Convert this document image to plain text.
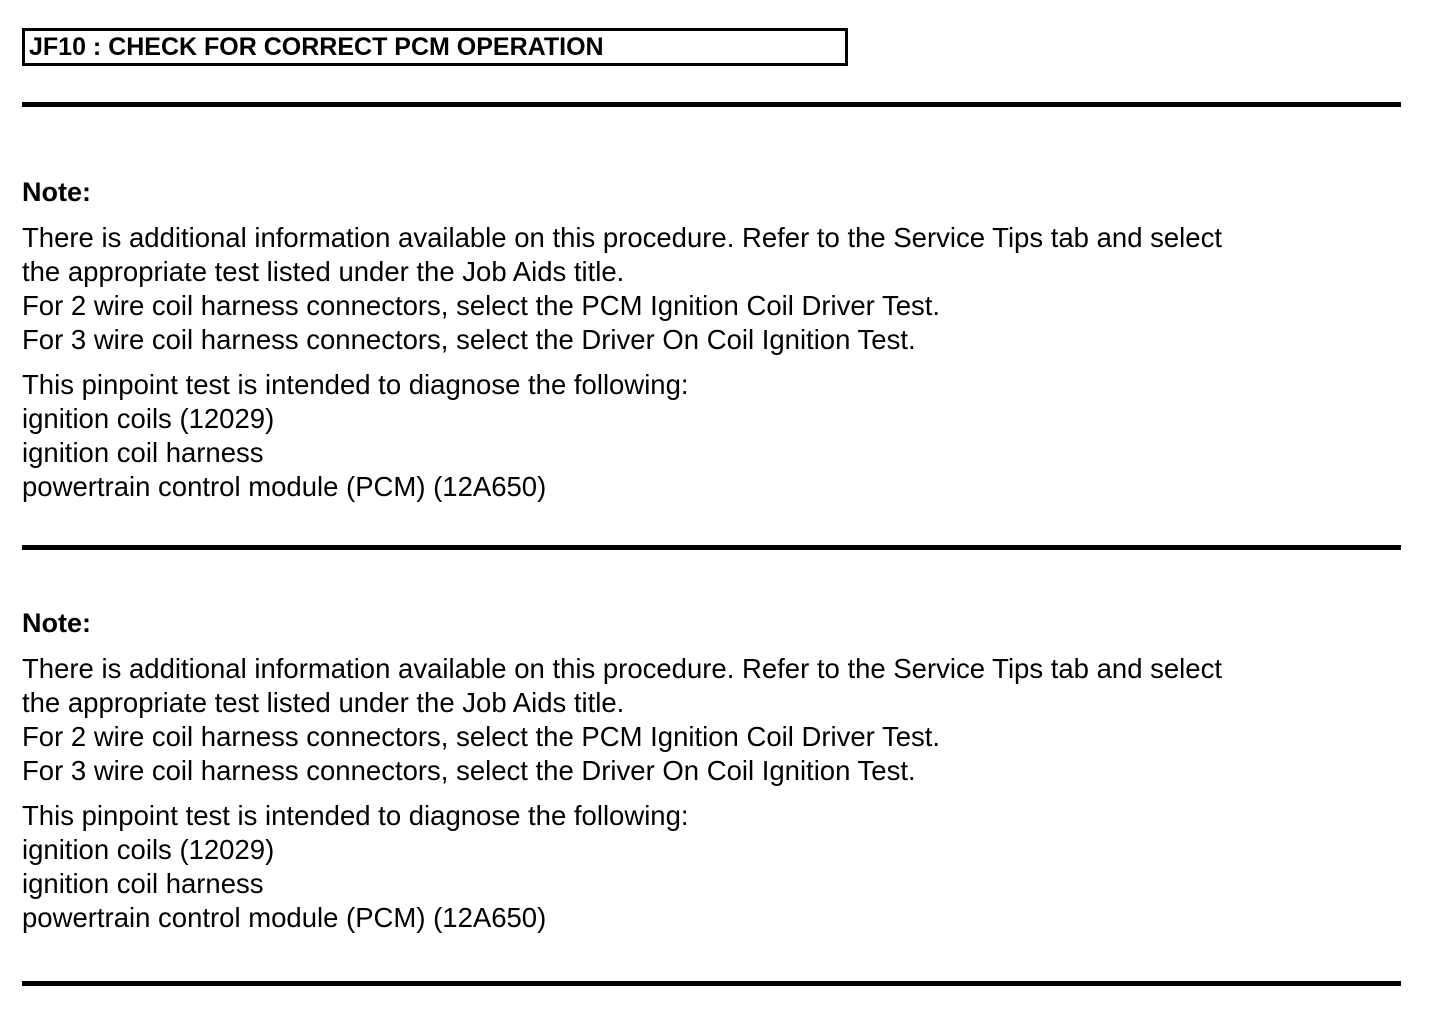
JF10 : CHECK FOR CORRECT PCM OPERATION

Note:

There is additional information available on this procedure. Refer to the Service Tips tab and select
the appropriate test listed under the Job Aids title.
For 2 wire coil harness connectors, select the PCM Ignition Coil Driver Test.
For 3 wire coil harness connectors, select the Driver On Coil Ignition Test.

This pinpoint test is intended to diagnose the following:
ignition coils (12029)
ignition coil harness
powertrain control module (PCM) (12A650)

Note:

There is additional information available on this procedure. Refer to the Service Tips tab and select
the appropriate test listed under the Job Aids title.
For 2 wire coil harness connectors, select the PCM Ignition Coil Driver Test.
For 3 wire coil harness connectors, select the Driver On Coil Ignition Test.

This pinpoint test is intended to diagnose the following:
ignition coils (12029)
ignition coil harness
powertrain control module (PCM) (12A650)
